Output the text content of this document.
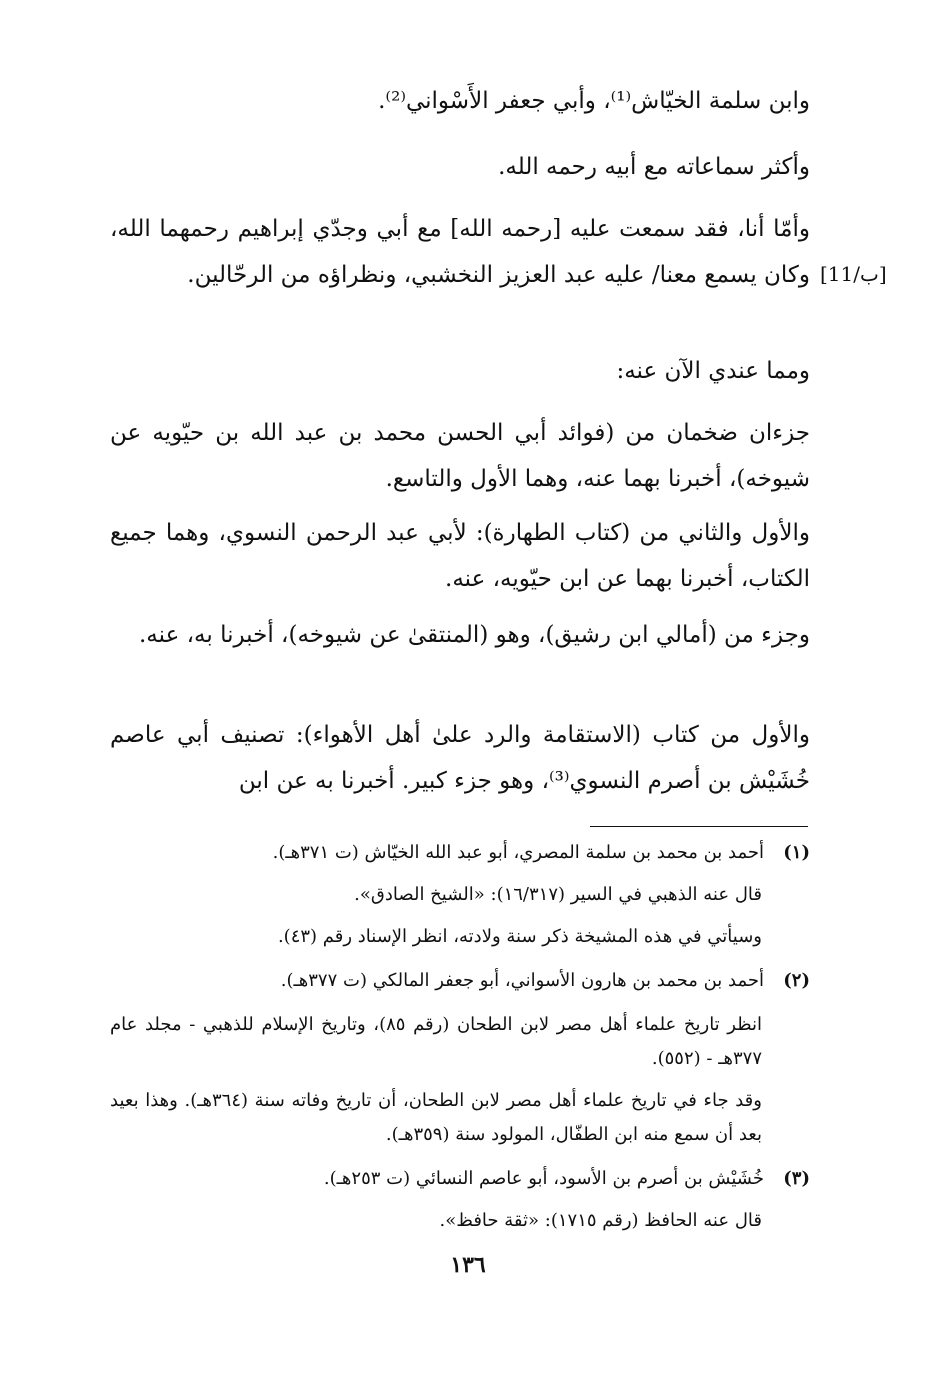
وابن سلمة الخيّاش⁽¹⁾، وأبي جعفر الأَسْواني⁽²⁾.

وأكثر سماعاته مع أبيه رحمه الله.

وأمّا أنا، فقد سمعت عليه [رحمه الله] مع أبي وجدّي إبراهيم رحمهما الله، وكان يسمع معنا/ عليه عبد العزيز النخشبي، ونظراؤه من الرحّالين. [11/ب]

ومما عندي الآن عنه:

جزءان ضخمان من (فوائد أبي الحسن محمد بن عبد الله بن حيّويه عن شيوخه)، أخبرنا بهما عنه، وهما الأول والتاسع.

والأول والثاني من (كتاب الطهارة): لأبي عبد الرحمن النسوي، وهما جميع الكتاب، أخبرنا بهما عن ابن حيّويه، عنه.

وجزء من (أمالي ابن رشيق)، وهو (المنتقىٰ عن شيوخه)، أخبرنا به، عنه.

والأول من كتاب (الاستقامة والرد علىٰ أهل الأهواء): تصنيف أبي عاصم خُشَيْش بن أصرم النسوي⁽³⁾، وهو جزء كبير. أخبرنا به عن ابن

(١)أحمد بن محمد بن سلمة المصري، أبو عبد الله الخيّاش (ت ٣٧١هـ).

قال عنه الذهبي في السير (١٦/٣١٧): «الشيخ الصادق».

وسيأتي في هذه المشيخة ذكر سنة ولادته، انظر الإسناد رقم (٤٣).

(٢)أحمد بن محمد بن هارون الأسواني، أبو جعفر المالكي (ت ٣٧٧هـ).

انظر تاريخ علماء أهل مصر لابن الطحان (رقم ٨٥)، وتاريخ الإسلام للذهبي - مجلد عام ٣٧٧هـ - (٥٥٢).

وقد جاء في تاريخ علماء أهل مصر لابن الطحان، أن تاريخ وفاته سنة (٣٦٤هـ). وهذا بعيد بعد أن سمع منه ابن الطفّال، المولود سنة (٣٥٩هـ).

(٣)خُشَيْش بن أصرم بن الأسود، أبو عاصم النسائي (ت ٢٥٣هـ).

قال عنه الحافظ (رقم ١٧١٥): «ثقة حافظ».

١٣٦
